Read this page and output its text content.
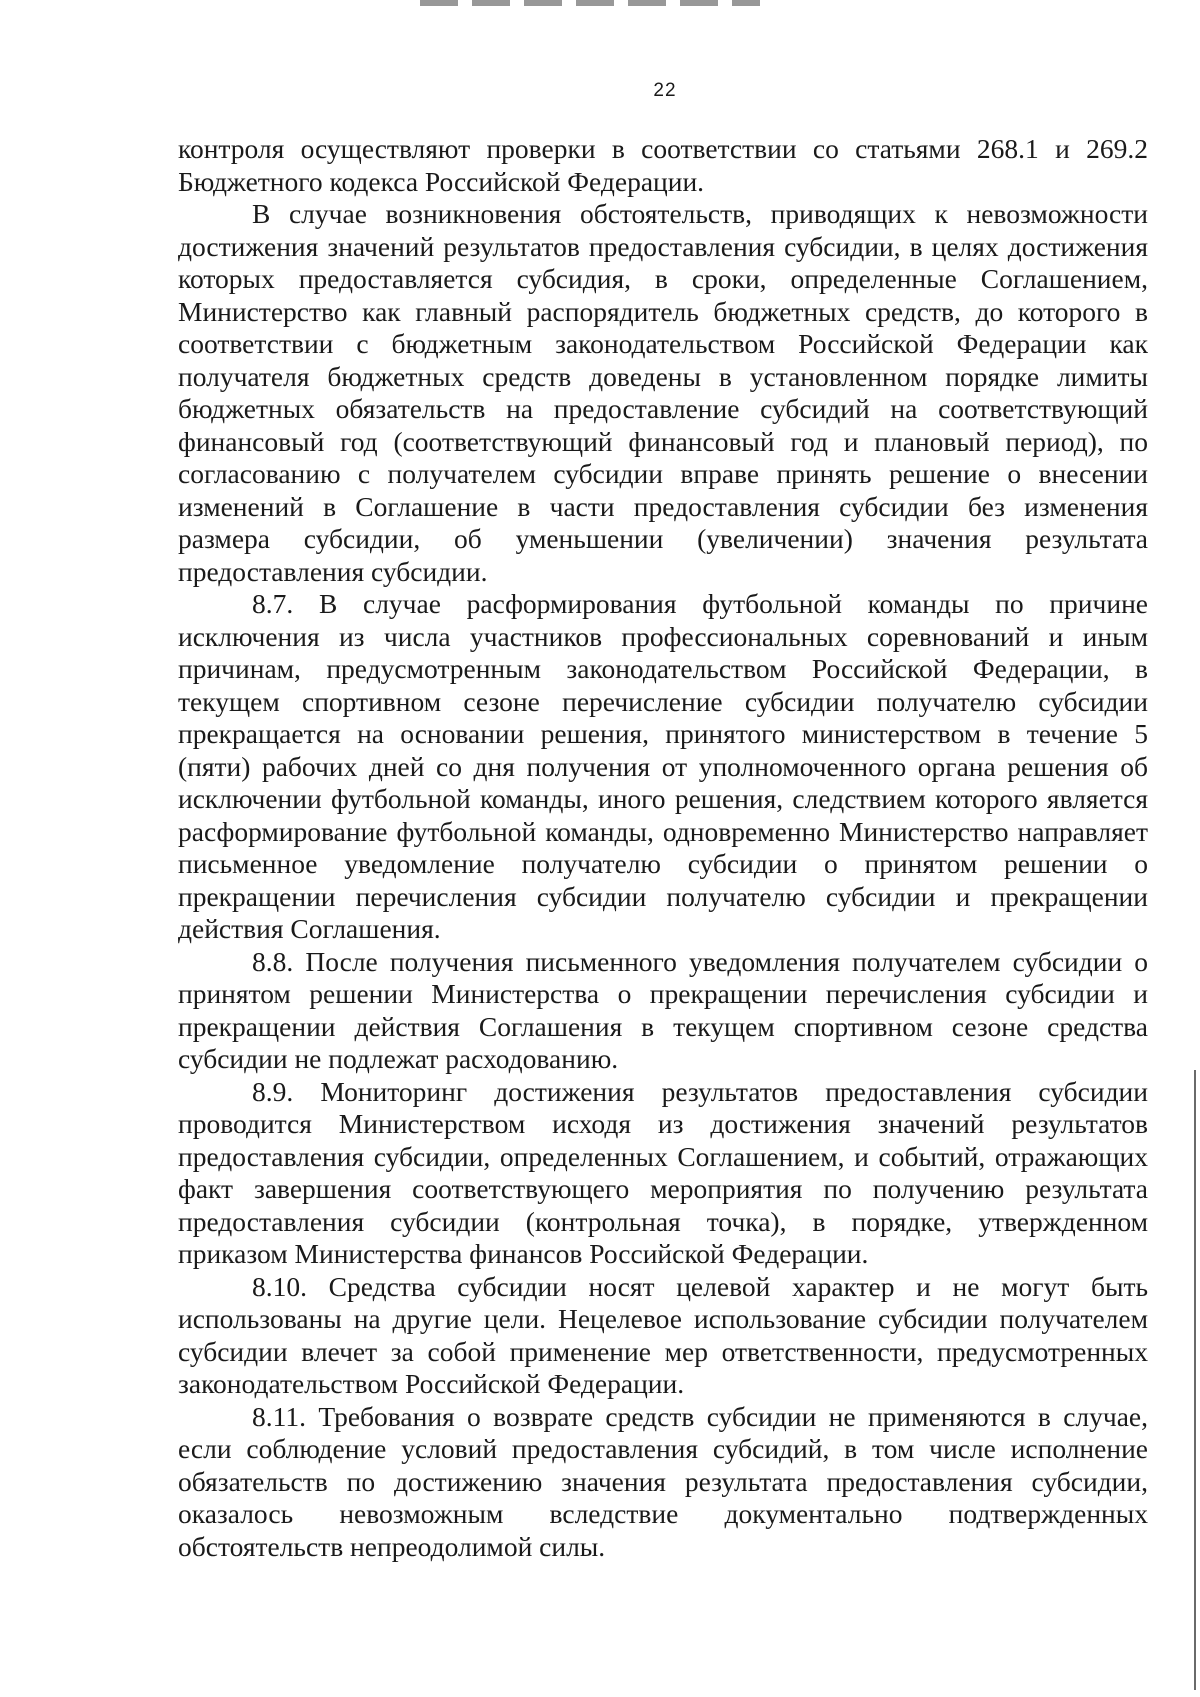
22

контроля осуществляют проверки в соответствии со статьями 268.1 и 269.2 Бюджетного кодекса Российской Федерации.

В случае возникновения обстоятельств, приводящих к невозможности достижения значений результатов предоставления субсидии, в целях достижения которых предоставляется субсидия, в сроки, определенные Соглашением, Министерство как главный распорядитель бюджетных средств, до которого в соответствии с бюджетным законодательством Российской Федерации как получателя бюджетных средств доведены в установленном порядке лимиты бюджетных обязательств на предоставление субсидий на соответствующий финансовый год (соответствующий финансовый год и плановый период), по согласованию с получателем субсидии вправе принять решение о внесении изменений в Соглашение в части предоставления субсидии без изменения размера субсидии, об уменьшении (увеличении) значения результата предоставления субсидии.

8.7. В случае расформирования футбольной команды по причине исключения из числа участников профессиональных соревнований и иным причинам, предусмотренным законодательством Российской Федерации, в текущем спортивном сезоне перечисление субсидии получателю субсидии прекращается на основании решения, принятого министерством в течение 5 (пяти) рабочих дней со дня получения от уполномоченного органа решения об исключении футбольной команды, иного решения, следствием которого является расформирование футбольной команды, одновременно Министерство направляет письменное уведомление получателю субсидии о принятом решении о прекращении перечисления субсидии получателю субсидии и прекращении действия Соглашения.

8.8. После получения письменного уведомления получателем субсидии о принятом решении Министерства о прекращении перечисления субсидии и прекращении действия Соглашения в текущем спортивном сезоне средства субсидии не подлежат расходованию.

8.9. Мониторинг достижения результатов предоставления субсидии проводится Министерством исходя из достижения значений результатов предоставления субсидии, определенных Соглашением, и событий, отражающих факт завершения соответствующего мероприятия по получению результата предоставления субсидии (контрольная точка), в порядке, утвержденном приказом Министерства финансов Российской Федерации.

8.10. Средства субсидии носят целевой характер и не могут быть использованы на другие цели. Нецелевое использование субсидии получателем субсидии влечет за собой применение мер ответственности, предусмотренных законодательством Российской Федерации.

8.11. Требования о возврате средств субсидии не применяются в случае, если соблюдение условий предоставления субсидий, в том числе исполнение обязательств по достижению значения результата предоставления субсидии, оказалось невозможным вследствие документально подтвержденных обстоятельств непреодолимой силы.
